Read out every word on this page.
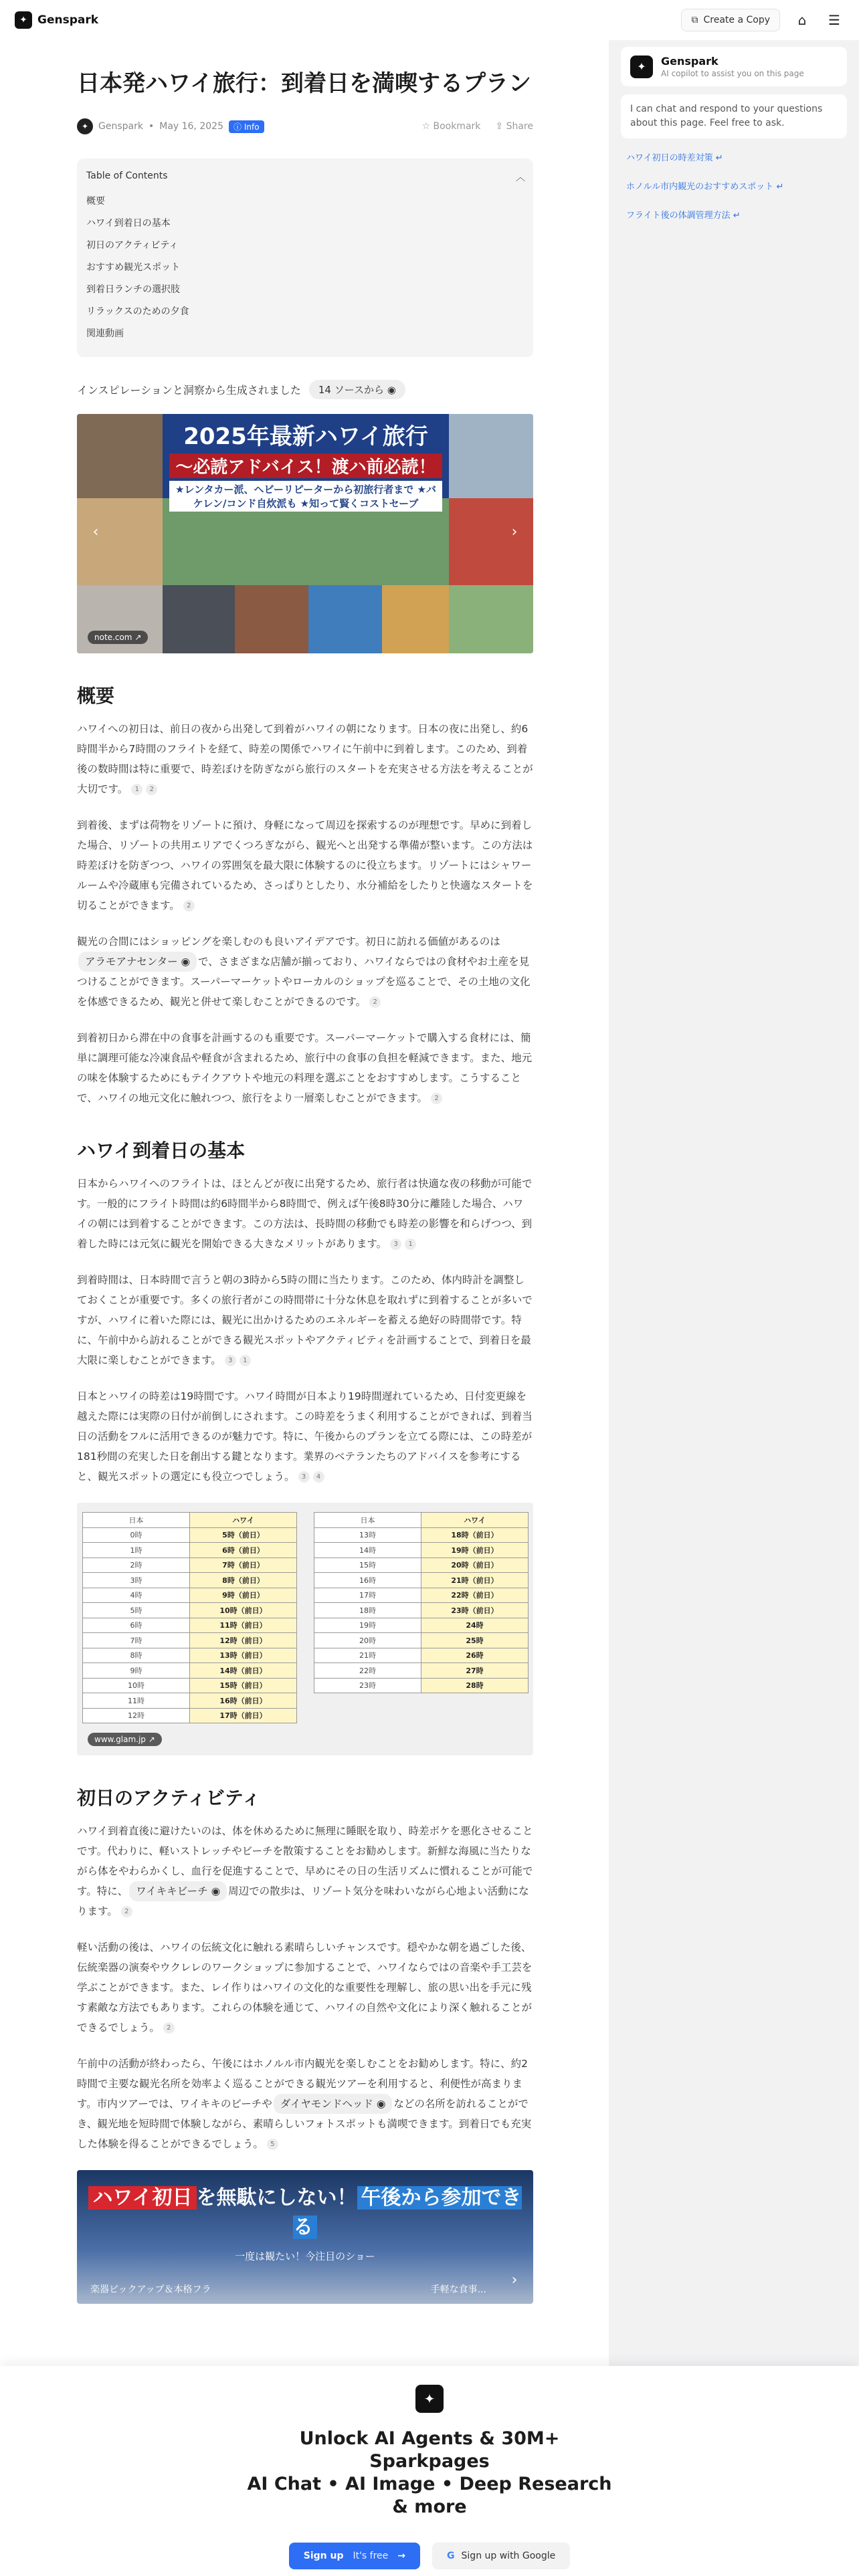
✦ Genspark	⧉ Create a Copy	⌂	☰
日本発ハワイ旅行：到着日を満喫するプラン
✦	Genspark • May 16, 2025	ⓘ Info	☆ Bookmark ⇪ Share
Table of Contents	︿
概要
ハワイ到着日の基本
初日のアクティビティ
おすすめ観光スポット
到着日ランチの選択肢
リラックスのための夕食
関連動画
インスピレーションと洞察から生成されました	14 ソースから ◉
2025年最新ハワイ旅行
〜必読アドバイス！渡ハ前必読！
★レンタカー派、ヘビーリピーターから初旅行者まで ★バケレン/コンド自炊派も ★知って賢くコストセーブ
‹	›
note.com ↗
概要

ハワイへの初日は、前日の夜から出発して到着がハワイの朝になります。日本の夜に出発し、約6時間半から7時間のフライトを経て、時差の関係でハワイに午前中に到着します。このため、到着後の数時間は特に重要で、時差ぼけを防ぎながら旅行のスタートを充実させる方法を考えることが大切です。 1 2

到着後、まずは荷物をリゾートに預け、身軽になって周辺を探索するのが理想です。早めに到着した場合、リゾートの共用エリアでくつろぎながら、観光へと出発する準備が整います。この方法は時差ぼけを防ぎつつ、ハワイの雰囲気を最大限に体験するのに役立ちます。リゾートにはシャワールームや冷蔵庫も完備されているため、さっぱりとしたり、水分補給をしたりと快適なスタートを切ることができます。 2

観光の合間にはショッピングを楽しむのも良いアイデアです。初日に訪れる価値があるのはアラモアナセンター ◉ で、さまざまな店舗が揃っており、ハワイならではの食材やお土産を見つけることができます。スーパーマーケットやローカルのショップを巡ることで、その土地の文化を体感できるため、観光と併せて楽しむことができるのです。 2

到着初日から滞在中の食事を計画するのも重要です。スーパーマーケットで購入する食材には、簡単に調理可能な冷凍食品や軽食が含まれるため、旅行中の食事の負担を軽減できます。また、地元の味を体験するためにもテイクアウトや地元の料理を選ぶことをおすすめします。こうすることで、ハワイの地元文化に触れつつ、旅行をより一層楽しむことができます。 2

ハワイ到着日の基本

日本からハワイへのフライトは、ほとんどが夜に出発するため、旅行者は快適な夜の移動が可能です。一般的にフライト時間は約6時間半から8時間で、例えば午後8時30分に離陸した場合、ハワイの朝には到着することができます。この方法は、長時間の移動でも時差の影響を和らげつつ、到着した時には元気に観光を開始できる大きなメリットがあります。 3 1

到着時間は、日本時間で言うと朝の3時から5時の間に当たります。このため、体内時計を調整しておくことが重要です。多くの旅行者がこの時間帯に十分な休息を取れずに到着することが多いですが、ハワイに着いた際には、観光に出かけるためのエネルギーを蓄える絶好の時間帯です。特に、午前中から訪れることができる観光スポットやアクティビティを計画することで、到着日を最大限に楽しむことができます。 3 1

日本とハワイの時差は19時間です。ハワイ時間が日本より19時間遅れているため、日付変更線を越えた際には実際の日付が前倒しにされます。この時差をうまく利用することができれば、到着当日の活動をフルに活用できるのが魅力です。特に、午後からのプランを立てる際には、この時差が181秒間の充実した日を創出する鍵となります。業界のベテランたちのアドバイスを参考にすると、観光スポットの選定にも役立つでしょう。 3 4

日本	ハワイ
0時	5時（前日）
1時	6時（前日）
2時	7時（前日）
3時	8時（前日）
4時	9時（前日）
5時	10時（前日）
6時	11時（前日）
7時	12時（前日）
8時	13時（前日）
9時	14時（前日）
10時	15時（前日）
11時	16時（前日）
12時	17時（前日）
日本	ハワイ
13時	18時（前日）
14時	19時（前日）
15時	20時（前日）
16時	21時（前日）
17時	22時（前日）
18時	23時（前日）
19時	24時
20時	25時
21時	26時
22時	27時
23時	28時
www.glam.jp ↗
初日のアクティビティ

ハワイ到着直後に避けたいのは、体を休めるために無理に睡眠を取り、時差ボケを悪化させることです。代わりに、軽いストレッチやビーチを散策することをお勧めします。新鮮な海風に当たりながら体をやわらかくし、血行を促進することで、早めにその日の生活リズムに慣れることが可能です。特に、 ワイキキビーチ ◉ 周辺での散歩は、リゾート気分を味わいながら心地よい活動になります。 2

軽い活動の後は、ハワイの伝統文化に触れる素晴らしいチャンスです。穏やかな朝を過ごした後、伝統楽器の演奏やウクレレのワークショップに参加することで、ハワイならではの音楽や手工芸を学ぶことができます。また、レイ作りはハワイの文化的な重要性を理解し、旅の思い出を手元に残す素敵な方法でもあります。これらの体験を通じて、ハワイの自然や文化により深く触れることができるでしょう。 2

午前中の活動が終わったら、午後にはホノルル市内観光を楽しむことをお勧めします。特に、約2時間で主要な観光名所を効率よく巡ることができる観光ツアーを利用すると、利便性が高まります。市内ツアーでは、ワイキキのビーチや ダイヤモンドヘッド ◉ などの名所を訪れることができ、観光地を短時間で体験しながら、素晴らしいフォトスポットも満喫できます。到着日でも充実した体験を得ることができるでしょう。 5

ハワイ初日 を無駄にしない！ 午後から参加できる
一度は観たい！今注目のショー
楽器ピックアップ＆本格フラ	手軽な食事...
›
✦	Genspark
AI copilot to assist you on this page
I can chat and respond to your questions about this page. Feel free to ask.
ハワイ初日の時差対策 ↵
ホノルル市内観光のおすすめスポット ↵
フライト後の体調管理方法 ↵
✦
Unlock AI Agents & 30M+
Sparkpages
AI Chat • AI Image • Deep Research
& more
Sign up It's free →	G Sign up with Google
